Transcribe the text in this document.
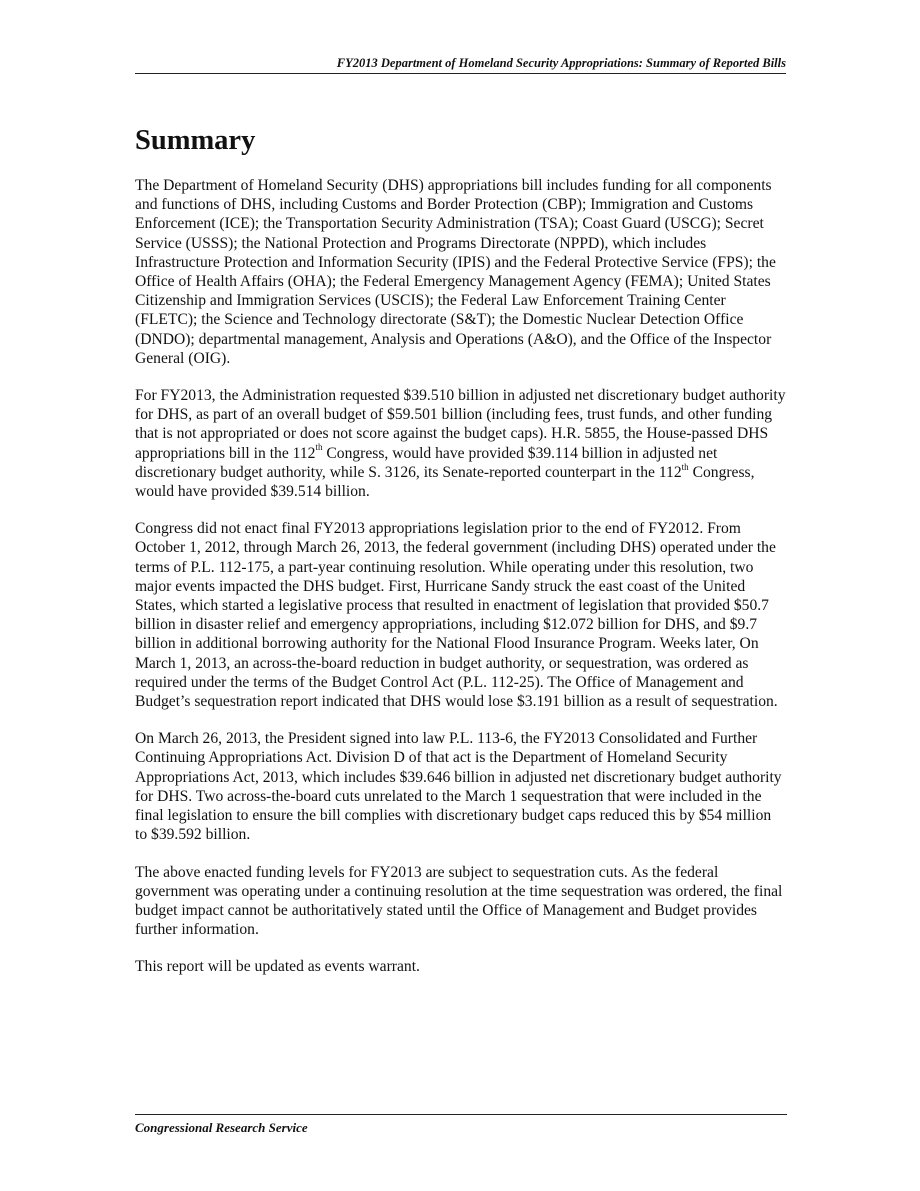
FY2013 Department of Homeland Security Appropriations: Summary of Reported Bills
Summary

The Department of Homeland Security (DHS) appropriations bill includes funding for all components and functions of DHS, including Customs and Border Protection (CBP); Immigration and Customs Enforcement (ICE); the Transportation Security Administration (TSA); Coast Guard (USCG); Secret Service (USSS); the National Protection and Programs Directorate (NPPD), which includes Infrastructure Protection and Information Security (IPIS) and the Federal Protective Service (FPS); the Office of Health Affairs (OHA); the Federal Emergency Management Agency (FEMA); United States Citizenship and Immigration Services (USCIS); the Federal Law Enforcement Training Center (FLETC); the Science and Technology directorate (S&T); the Domestic Nuclear Detection Office (DNDO); departmental management, Analysis and Operations (A&O), and the Office of the Inspector General (OIG).

For FY2013, the Administration requested $39.510 billion in adjusted net discretionary budget authority for DHS, as part of an overall budget of $59.501 billion (including fees, trust funds, and other funding that is not appropriated or does not score against the budget caps). H.R. 5855, the House-passed DHS appropriations bill in the 112th Congress, would have provided $39.114 billion in adjusted net discretionary budget authority, while S. 3126, its Senate-reported counterpart in the 112th Congress, would have provided $39.514 billion.

Congress did not enact final FY2013 appropriations legislation prior to the end of FY2012. From October 1, 2012, through March 26, 2013, the federal government (including DHS) operated under the terms of P.L. 112-175, a part-year continuing resolution. While operating under this resolution, two major events impacted the DHS budget. First, Hurricane Sandy struck the east coast of the United States, which started a legislative process that resulted in enactment of legislation that provided $50.7 billion in disaster relief and emergency appropriations, including $12.072 billion for DHS, and $9.7 billion in additional borrowing authority for the National Flood Insurance Program. Weeks later, On March 1, 2013, an across-the-board reduction in budget authority, or sequestration, was ordered as required under the terms of the Budget Control Act (P.L. 112-25). The Office of Management and Budget’s sequestration report indicated that DHS would lose $3.191 billion as a result of sequestration.

On March 26, 2013, the President signed into law P.L. 113-6, the FY2013 Consolidated and Further Continuing Appropriations Act. Division D of that act is the Department of Homeland Security Appropriations Act, 2013, which includes $39.646 billion in adjusted net discretionary budget authority for DHS. Two across-the-board cuts unrelated to the March 1 sequestration that were included in the final legislation to ensure the bill complies with discretionary budget caps reduced this by $54 million to $39.592 billion.

The above enacted funding levels for FY2013 are subject to sequestration cuts. As the federal government was operating under a continuing resolution at the time sequestration was ordered, the final budget impact cannot be authoritatively stated until the Office of Management and Budget provides further information.

This report will be updated as events warrant.

Congressional Research Service
